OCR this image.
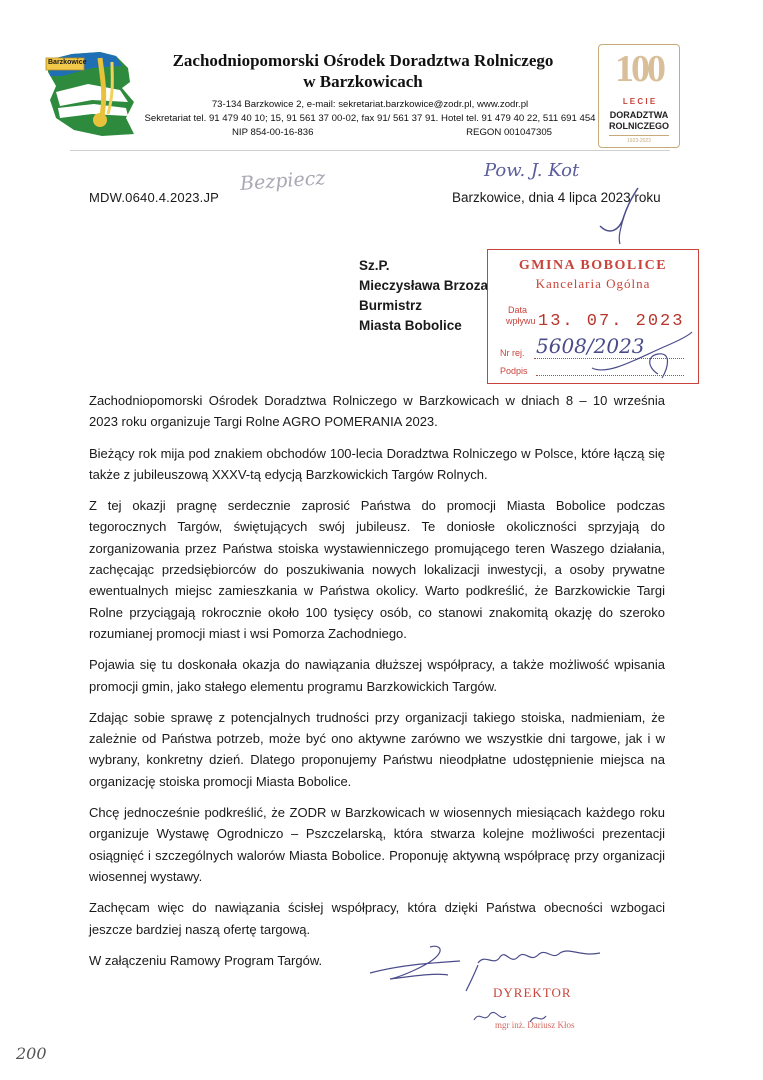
Barzkowice	Zachodniopomorski Ośrodek Doradztwa Rolniczego
w Barzkowicach
73-134 Barzkowice 2, e-mail: sekretariat.barzkowice@zodr.pl, www.zodr.pl
Sekretariat tel. 91 479 40 10; 15, 91 561 37 00-02, fax 91/ 561 37 91. Hotel tel. 91 479 40 22, 511 691 454
NIP 854-00-16-836	REGON 001047305
100
L E C I E
DORADZTWA
ROLNICZEGO
1923-2023
Bezpiecz	Pow. J. Kot
MDW.0640.4.2023.JP	Barzkowice, dnia 4 lipca 2023 roku
Sz.P.
Mieczysława Brzoza
Burmistrz
Miasta Bobolice
GMINA BOBOLICE
Kancelaria Ogólna
Data
wpływu 13. 07. 2023
Nr rej. 5608/2023
Podpis

Zachodniopomorski Ośrodek Doradztwa Rolniczego w Barzkowicach w dniach 8 – 10 września 2023 roku organizuje Targi Rolne AGRO POMERANIA 2023.

Bieżący rok mija pod znakiem obchodów 100-lecia Doradztwa Rolniczego w Polsce, które łączą się także z jubileuszową XXXV-tą edycją Barzkowickich Targów Rolnych.

Z tej okazji pragnę serdecznie zaprosić Państwa do promocji Miasta Bobolice podczas tegorocznych Targów, świętujących swój jubileusz. Te doniosłe okoliczności sprzyjają do zorganizowania przez Państwa stoiska wystawienniczego promującego teren Waszego działania, zachęcając przedsiębiorców do poszukiwania nowych lokalizacji inwestycji, a osoby prywatne ewentualnych miejsc zamieszkania w Państwa okolicy. Warto podkreślić, że Barzkowickie Targi Rolne przyciągają rokrocznie około 100 tysięcy osób, co stanowi znakomitą okazję do szeroko rozumianej promocji miast i wsi Pomorza Zachodniego.

Pojawia się tu doskonała okazja do nawiązania dłuższej współpracy, a także możliwość wpisania promocji gmin, jako stałego elementu programu Barzkowickich Targów.

Zdając sobie sprawę z potencjalnych trudności przy organizacji takiego stoiska, nadmieniam, że zależnie od Państwa potrzeb, może być ono aktywne zarówno we wszystkie dni targowe, jak i w wybrany, konkretny dzień. Dlatego proponujemy Państwu nieodpłatne udostępnienie miejsca na organizację stoiska promocji Miasta Bobolice.

Chcę jednocześnie podkreślić, że ZODR w Barzkowicach w wiosennych miesiącach każdego roku organizuje Wystawę Ogrodniczo – Pszczelarską, która stwarza kolejne możliwości prezentacji osiągnięć i szczególnych walorów Miasta Bobolice. Proponuję aktywną współpracę przy organizacji wiosennej wystawy.

Zachęcam więc do nawiązania ścisłej współpracy, która dzięki Państwa obecności wzbogaci jeszcze bardziej naszą ofertę targową.

W załączeniu Ramowy Program Targów.

DYREKTOR
mgr inż. Dariusz Kłos
200
